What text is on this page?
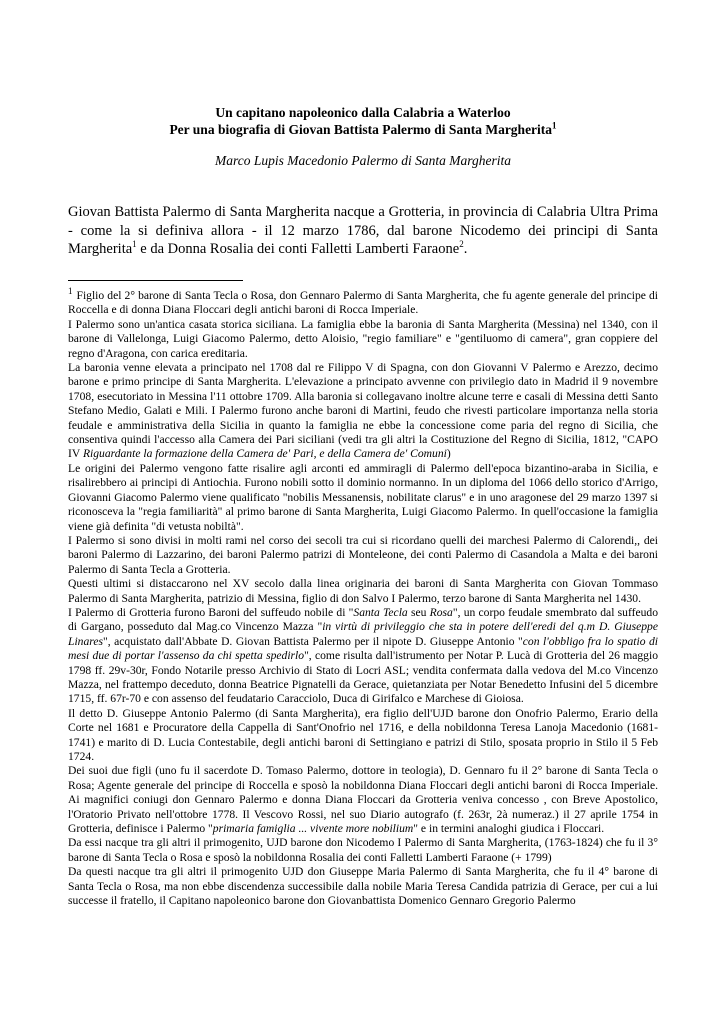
Un capitano napoleonico dalla Calabria a Waterloo
Per una biografia di Giovan Battista Palermo di Santa Margherita$^1$
Marco Lupis Macedonio Palermo di Santa Margherita
Giovan Battista Palermo di Santa Margherita nacque a Grotteria, in provincia di Calabria Ultra Prima - come la si definiva allora - il 12 marzo 1786, dal barone Nicodemo dei principi di Santa Margherita$^1$ e da Donna Rosalia dei conti Falletti Lamberti Faraone$^2$.

$^1$ Figlio del 2° barone di Santa Tecla o Rosa, don Gennaro Palermo di Santa Margherita, che fu agente generale del principe di Roccella e di donna Diana Floccari degli antichi baroni di Rocca Imperiale.

I Palermo sono un'antica casata storica siciliana. La famiglia ebbe la baronia di Santa Margherita (Messina) nel 1340, con il barone di Vallelonga, Luigi Giacomo Palermo, detto Aloisio, "regio familiare" e "gentiluomo di camera", gran coppiere del regno d'Aragona, con carica ereditaria.

La baronia venne elevata a principato nel 1708 dal re Filippo V di Spagna, con don Giovanni V Palermo e Arezzo, decimo barone e primo principe di Santa Margherita. L'elevazione a principato avvenne con privilegio dato in Madrid il 9 novembre 1708, esecutoriato in Messina l'11 ottobre 1709. Alla baronia si collegavano inoltre alcune terre e casali di Messina detti Santo Stefano Medio, Galati e Mili. I Palermo furono anche baroni di Martini, feudo che rivesti particolare importanza nella storia feudale e amministrativa della Sicilia in quanto la famiglia ne ebbe la concessione come paria del regno di Sicilia, che consentiva quindi l'accesso alla Camera dei Pari siciliani (vedi tra gli altri la Costituzione del Regno di Sicilia, 1812, "CAPO IV Riguardante la formazione della Camera de' Pari, e della Camera de' Comuni)

Le origini dei Palermo vengono fatte risalire agli arconti ed ammiragli di Palermo dell'epoca bizantino-araba in Sicilia, e risalirebbero ai principi di Antiochia. Furono nobili sotto il dominio normanno. In un diploma del 1066 dello storico d'Arrigo, Giovanni Giacomo Palermo viene qualificato "nobilis Messanensis, nobilitate clarus" e in uno aragonese del 29 marzo 1397 si riconosceva la "regia familiarità" al primo barone di Santa Margherita, Luigi Giacomo Palermo. In quell'occasione la famiglia viene già definita "di vetusta nobiltà".

I Palermo si sono divisi in molti rami nel corso dei secoli tra cui si ricordano quelli dei marchesi Palermo di Calorendi,, dei baroni Palermo di Lazzarino, dei baroni Palermo patrizi di Monteleone, dei conti Palermo di Casandola a Malta e dei baroni Palermo di Santa Tecla a Grotteria.

Questi ultimi si distaccarono nel XV secolo dalla linea originaria dei baroni di Santa Margherita con Giovan Tommaso Palermo di Santa Margherita, patrizio di Messina, figlio di don Salvo I Palermo, terzo barone di Santa Margherita nel 1430.

I Palermo di Grotteria furono Baroni del suffeudo nobile di "Santa Tecla seu Rosa", un corpo feudale smembrato dal suffeudo di Gargano, posseduto dal Mag.co Vincenzo Mazza "in virtù di privileggio che sta in potere dell'eredi del q.m D. Giuseppe Linares", acquistato dall'Abbate D. Giovan Battista Palermo per il nipote D. Giuseppe Antonio "con l'obbligo fra lo spatio di mesi due di portar l'assenso da chi spetta spedirlo", come risulta dall'istrumento per Notar P. Lucà di Grotteria del 26 maggio 1798 ff. 29v-30r, Fondo Notarile presso Archivio di Stato di Locri ASL; vendita confermata dalla vedova del M.co Vincenzo Mazza, nel frattempo deceduto, donna Beatrice Pignatelli da Gerace, quietanziata per Notar Benedetto Infusini del 5 dicembre 1715, ff. 67r-70 e con assenso del feudatario Caracciolo, Duca di Girifalco e Marchese di Gioiosa.

Il detto D. Giuseppe Antonio Palermo (di Santa Margherita), era figlio dell'UJD barone don Onofrio Palermo, Erario della Corte nel 1681 e Procuratore della Cappella di Sant'Onofrio nel 1716, e della nobildonna Teresa Lanoja Macedonio (1681-1741) e marito di D. Lucia Contestabile, degli antichi baroni di Settingiano e patrizi di Stilo, sposata proprio in Stilo il 5 Feb 1724.

Dei suoi due figli (uno fu il sacerdote D. Tomaso Palermo, dottore in teologia), D. Gennaro fu il 2° barone di Santa Tecla o Rosa; Agente generale del principe di Roccella e sposò la nobildonna Diana Floccari degli antichi baroni di Rocca Imperiale. Ai magnifici coniugi don Gennaro Palermo e donna Diana Floccari da Grotteria veniva concesso , con Breve Apostolico, l'Oratorio Privato nell'ottobre 1778. Il Vescovo Rossi, nel suo Diario autografo (f. 263r, 2à numeraz.) il 27 aprile 1754 in Grotteria, definisce i Palermo "primaria famiglia ... vivente more nobilium" e in termini analoghi giudica i Floccari.

Da essi nacque tra gli altri il primogenito, UJD barone don Nicodemo I Palermo di Santa Margherita, (1763-1824) che fu il 3° barone di Santa Tecla o Rosa e sposò la nobildonna Rosalia dei conti Falletti Lamberti Faraone (+ 1799)

Da questi nacque tra gli altri il primogenito UJD don Giuseppe Maria Palermo di Santa Margherita, che fu il 4° barone di Santa Tecla o Rosa, ma non ebbe discendenza successibile dalla nobile Maria Teresa Candida patrizia di Gerace, per cui a lui successe il fratello, il Capitano napoleonico barone don Giovanbattista Domenico Gennaro Gregorio Palermo
